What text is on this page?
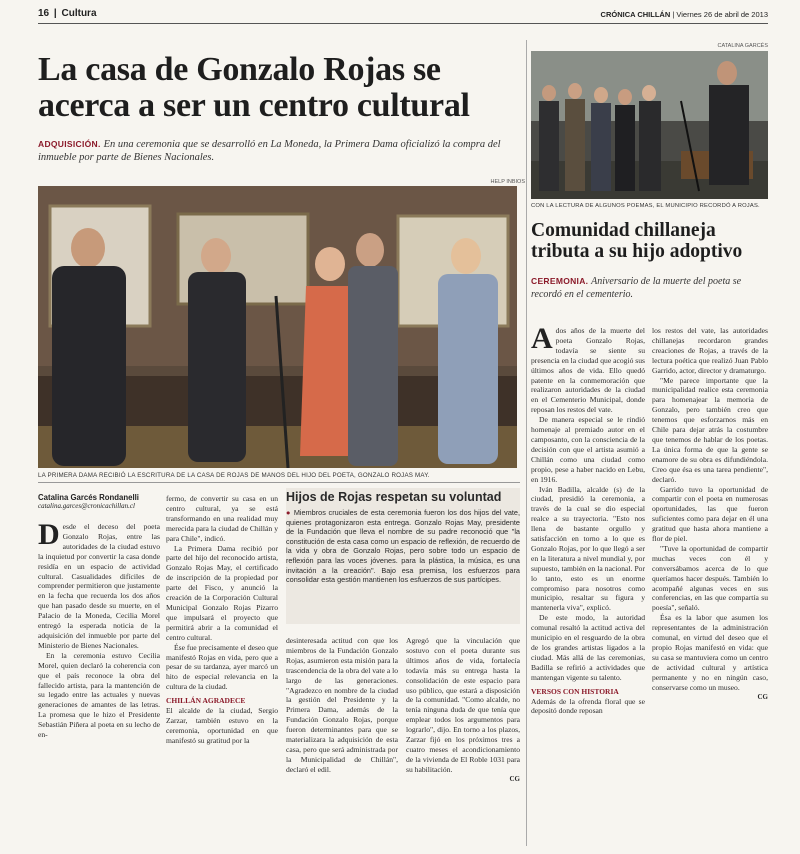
16 | Cultura	CRÓNICA CHILLÁN | Viernes 26 de abril de 2013
La casa de Gonzalo Rojas se
acerca a ser un centro cultural
ADQUISICIÓN. En una ceremonia que se desarrolló en La Moneda, la Primera Dama oficializó la compra del inmueble por parte de Bienes Nacionales.
HELP INBIOS
LA PRIMERA DAMA RECIBIÓ LA ESCRITURA DE LA CASA DE ROJAS DE MANOS DEL HIJO DEL POETA, GONZALO ROJAS MAY.
Catalina Garcés Rondanelli
catalina.garces@cronicachillan.cl

Desde el deceso del poeta Gonzalo Rojas, entre las autoridades de la ciudad estuvo la inquietud por convertir la casa donde residía en un espacio de actividad cultural. Casualidades difíciles de comprender permitieron que justamente en la fecha que recuerda los dos años que han pasado desde su muerte, en el Palacio de la Moneda, Cecilia Morel entregó la esperada noticia de la adquisición del inmueble por parte del Ministerio de Bienes Nacionales.

En la ceremonia estuvo Cecilia Morel, quien declaró la coherencia con que el país reconoce la obra del fallecido artista, para la mantención de su legado entre las actuales y nuevas generaciones de amantes de las letras. La promesa que le hizo el Presidente Sebastián Piñera al poeta en su lecho de en-

fermo, de convertir su casa en un centro cultural, ya se está transformando en una realidad muy merecida para la ciudad de Chillán y para Chile", indicó.

La Primera Dama recibió por parte del hijo del reconocido artista, Gonzalo Rojas May, el certificado de inscripción de la propiedad por parte del Fisco, y anunció la creación de la Corporación Cultural Municipal Gonzalo Rojas Pizarro que impulsará el proyecto que permitirá abrir a la comunidad el centro cultural.

Ése fue precisamente el deseo que manifestó Rojas en vida, pero que a pesar de su tardanza, ayer marcó un hito de especial relevancia en la cultura de la ciudad.

CHILLÁN AGRADECE

El alcalde de la ciudad, Sergio Zarzar, también estuvo en la ceremonia, oportunidad en que manifestó su gratitud por la

Hijos de Rojas respetan su voluntad

● Miembros cruciales de esta ceremonia fueron los dos hijos del vate, quienes protagonizaron esta entrega. Gonzalo Rojas May, presidente de la Fundación que lleva el nombre de su padre reconoció que "la constitución de esta casa como un espacio de reflexión, de recuerdo de la vida y obra de Gonzalo Rojas, pero sobre todo un espacio de reflexión para las voces jóvenes. para la plástica, la música, es una invitación a la creación". Bajo esa premisa, los esfuerzos para consolidar esta gestión mantienen los esfuerzos de sus partícipes.

desinteresada actitud con que los miembros de la Fundación Gonzalo Rojas, asumieron esta misión para la trascendencia de la obra del vate a lo largo de las generaciones. "Agradezco en nombre de la ciudad la gestión del Presidente y la Primera Dama, además de la Fundación Gonzalo Rojas, porque fueron determinantes para que se materializara la adquisición de esta casa, pero que será administrada por la Municipalidad de Chillán", declaró el edil.

Agregó que la vinculación que sostuvo con el poeta durante sus últimos años de vida, fortalecía todavía más su entrega hasta la consolidación de este espacio para uso público, que estará a disposición de la comunidad. "Como alcalde, no tenía ninguna duda de que tenía que emplear todos los argumentos para lograrlo", dijo. En torno a los plazos, Zarzar fijó en los próximos tres a cuatro meses el acondicionamiento de la vivienda de El Roble 1031 para su habilitación.

CG
CATALINA GARCÉS
CON LA LECTURA DE ALGUNOS POEMAS, EL MUNICIPIO RECORDÓ A ROJAS.
Comunidad chillaneja
tributa a su hijo adoptivo
CEREMONIA. Aniversario de la muerte del poeta se recordó en el cementerio.

Ados años de la muerte del poeta Gonzalo Rojas, todavía se siente su presencia en la ciudad que acogió sus últimos años de vida. Ello quedó patente en la conmemoración que realizaron autoridades de la ciudad en el Cementerio Municipal, donde reposan los restos del vate.

De manera especial se le rindió homenaje al premiado autor en el camposanto, con la consciencia de la decisión con que el artista asumió a Chillán como una ciudad como propio, pese a haber nacido en Lebu, en 1916.

Iván Badilla, alcalde (s) de la ciudad, presidió la ceremonia, a través de la cual se dio especial realce a su trayectoria. "Esto nos llena de bastante orgullo y satisfacción en torno a lo que es Gonzalo Rojas, por lo que llegó a ser en la literatura a nivel mundial y, por supuesto, también en la nacional. Por lo tanto, esto es un enorme compromiso para nosotros como municipio, resaltar su figura y mantenerla viva", explicó.

De este modo, la autoridad comunal resaltó la actitud activa del municipio en el resguardo de la obra de los grandes artistas ligados a la ciudad. Más allá de las ceremonias, Badilla se refirió a actividades que mantengan vigente su talento.

VERSOS CON HISTORIA

Además de la ofrenda floral que se depositó donde reposan

los restos del vate, las autoridades chillanejas recordaron grandes creaciones de Rojas, a través de la lectura poética que realizó Juan Pablo Garrido, actor, director y dramaturgo.

"Me parece importante que la municipalidad realice esta ceremonia para homenajear la memoria de Gonzalo, pero también creo que tenemos que esforzarnos más en Chile para dejar atrás la costumbre que tenemos de hablar de los poetas. La única forma de que la gente se enamore de su obra es difundiéndola. Creo que ésa es una tarea pendiente", declaró.

Garrido tuvo la oportunidad de compartir con el poeta en numerosas oportunidades, las que fueron suficientes como para dejar en él una gratitud que hasta ahora mantiene a flor de piel.

"Tuve la oportunidad de compartir muchas veces con él y conversábamos acerca de lo que queríamos hacer después. También lo acompañé algunas veces en sus conferencias, en las que compartía su poesía", señaló.

Ésa es la labor que asumen los representantes de la administración comunal, en virtud del deseo que el propio Rojas manifestó en vida: que su casa se mantuviera como un centro de actividad cultural y artística permanente y no en ningún caso, conservarse como un museo.

CG
